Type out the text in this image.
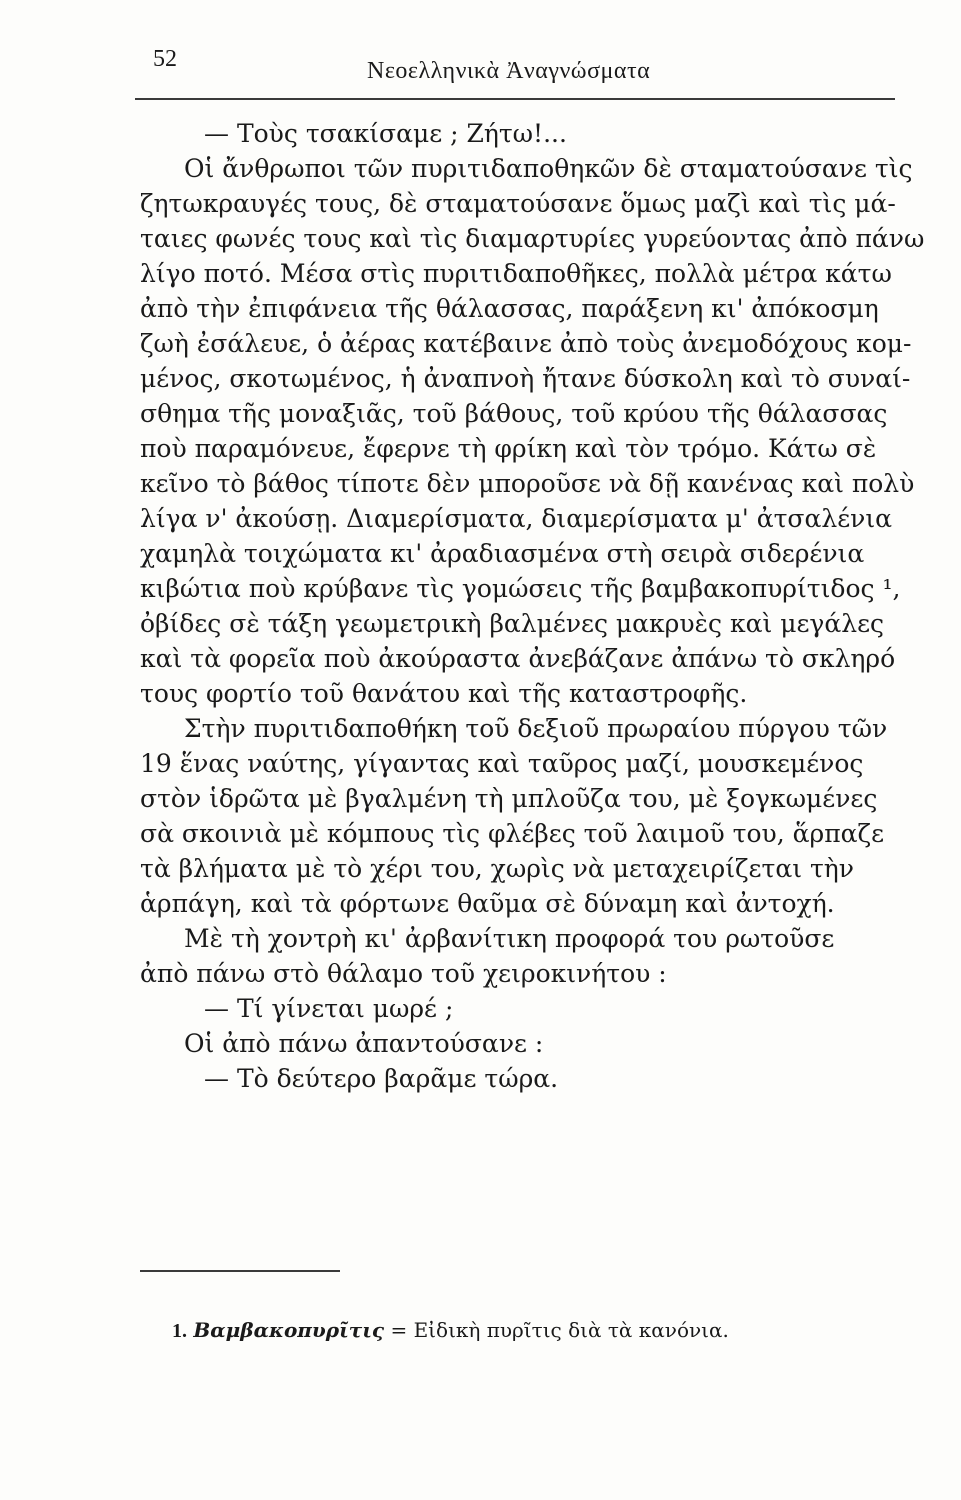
52	Νεοελληνικὰ Ἀναγνώσματα

— Τοὺς τσακίσαμε ; Ζήτω!...

Οἱ ἄνθρωποι τῶν πυριτιδαποθηκῶν δὲ σταματούσανε τὶς

ζητωκραυγές τους, δὲ σταματούσανε ὅμως μαζὶ καὶ τὶς μά-

ταιες φωνές τους καὶ τὶς διαμαρτυρίες γυρεύοντας ἀπὸ πάνω

λίγο ποτό. Μέσα στὶς πυριτιδαποθῆκες, πολλὰ μέτρα κάτω

ἀπὸ τὴν ἐπιφάνεια τῆς θάλασσας, παράξενη κι' ἀπόκοσμη

ζωὴ ἐσάλευε, ὁ ἀέρας κατέβαινε ἀπὸ τοὺς ἀνεμοδόχους κομ-

μένος, σκοτωμένος, ἡ ἀναπνοὴ ἤτανε δύσκολη καὶ τὸ συναί-

σθημα τῆς μοναξιᾶς, τοῦ βάθους, τοῦ κρύου τῆς θάλασσας

ποὺ παραμόνευε, ἔφερνε τὴ φρίκη καὶ τὸν τρόμο. Κάτω σὲ

κεῖνο τὸ βάθος τίποτε δὲν μποροῦσε νὰ δῇ κανένας καὶ πολὺ

λίγα ν' ἀκούσῃ. Διαμερίσματα, διαμερίσματα μ' ἀτσαλένια

χαμηλὰ τοιχώματα κι' ἀραδιασμένα στὴ σειρὰ σιδερένια

κιβώτια ποὺ κρύβανε τὶς γομώσεις τῆς βαμβακοπυρίτιδος ¹,

ὀβίδες σὲ τάξη γεωμετρικὴ βαλμένες μακρυὲς καὶ μεγάλες

καὶ τὰ φορεῖα ποὺ ἀκούραστα ἀνεβάζανε ἀπάνω τὸ σκληρό

τους φορτίο τοῦ θανάτου καὶ τῆς καταστροφῆς.

Στὴν πυριτιδαποθήκη τοῦ δεξιοῦ πρωραίου πύργου τῶν

19 ἕνας ναύτης, γίγαντας καὶ ταῦρος μαζί, μουσκεμένος

στὸν ἱδρῶτα μὲ βγαλμένη τὴ μπλοῦζα του, μὲ ξογκωμένες

σὰ σκοινιὰ μὲ κόμπους τὶς φλέβες τοῦ λαιμοῦ του, ἅρπαζε

τὰ βλήματα μὲ τὸ χέρι του, χωρὶς νὰ μεταχειρίζεται τὴν

ἁρπάγη, καὶ τὰ φόρτωνε θαῦμα σὲ δύναμη καὶ ἀντοχή.

Μὲ τὴ χοντρὴ κι' ἀρβανίτικη προφορά του ρωτοῦσε

ἀπὸ πάνω στὸ θάλαμο τοῦ χειροκινήτου :

— Τί γίνεται μωρέ ;

Οἱ ἀπὸ πάνω ἀπαντούσανε :

— Τὸ δεύτερο βαρᾶμε τώρα.

1. Βαμβακοπυρῖτις = Εἰδικὴ πυρῖτις διὰ τὰ κανόνια.
